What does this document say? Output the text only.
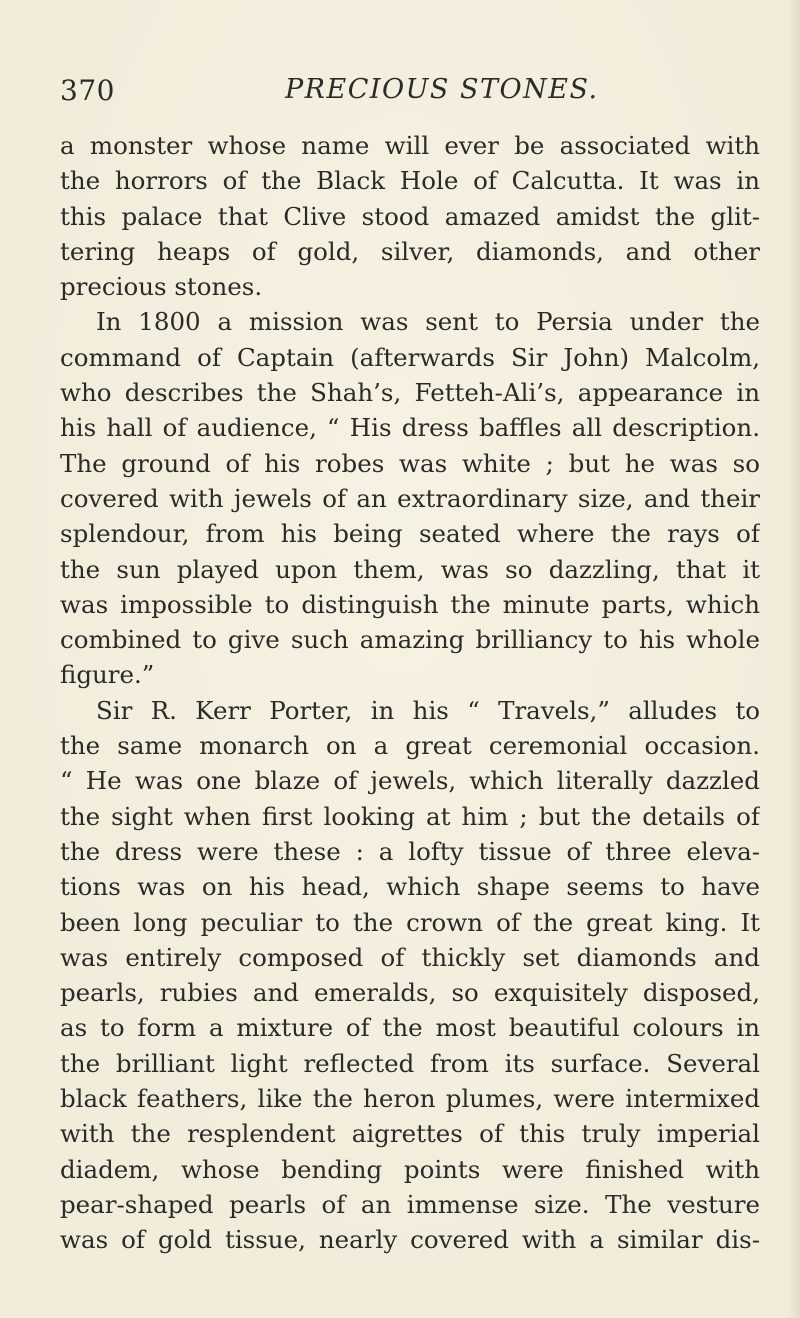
370	PRECIOUS STONES.
a monster whose name will ever be associated with
the horrors of the Black Hole of Calcutta. It was in
this palace that Clive stood amazed amidst the glit-
tering heaps of gold, silver, diamonds, and other
precious stones.
In 1800 a mission was sent to Persia under the
command of Captain (afterwards Sir John) Malcolm,
who describes the Shah’s, Fetteh-Ali’s, appearance in
his hall of audience, “ His dress baffles all description.
The ground of his robes was white ; but he was so
covered with jewels of an extraordinary size, and their
splendour, from his being seated where the rays of
the sun played upon them, was so dazzling, that it
was impossible to distinguish the minute parts, which
combined to give such amazing brilliancy to his whole
figure.”
Sir R. Kerr Porter, in his “ Travels,” alludes to
the same monarch on a great ceremonial occasion.
“ He was one blaze of jewels, which literally dazzled
the sight when first looking at him ; but the details of
the dress were these : a lofty tissue of three eleva-
tions was on his head, which shape seems to have
been long peculiar to the crown of the great king. It
was entirely composed of thickly set diamonds and
pearls, rubies and emeralds, so exquisitely disposed,
as to form a mixture of the most beautiful colours in
the brilliant light reflected from its surface. Several
black feathers, like the heron plumes, were intermixed
with the resplendent aigrettes of this truly imperial
diadem, whose bending points were finished with
pear-shaped pearls of an immense size. The vesture
was of gold tissue, nearly covered with a similar dis-
